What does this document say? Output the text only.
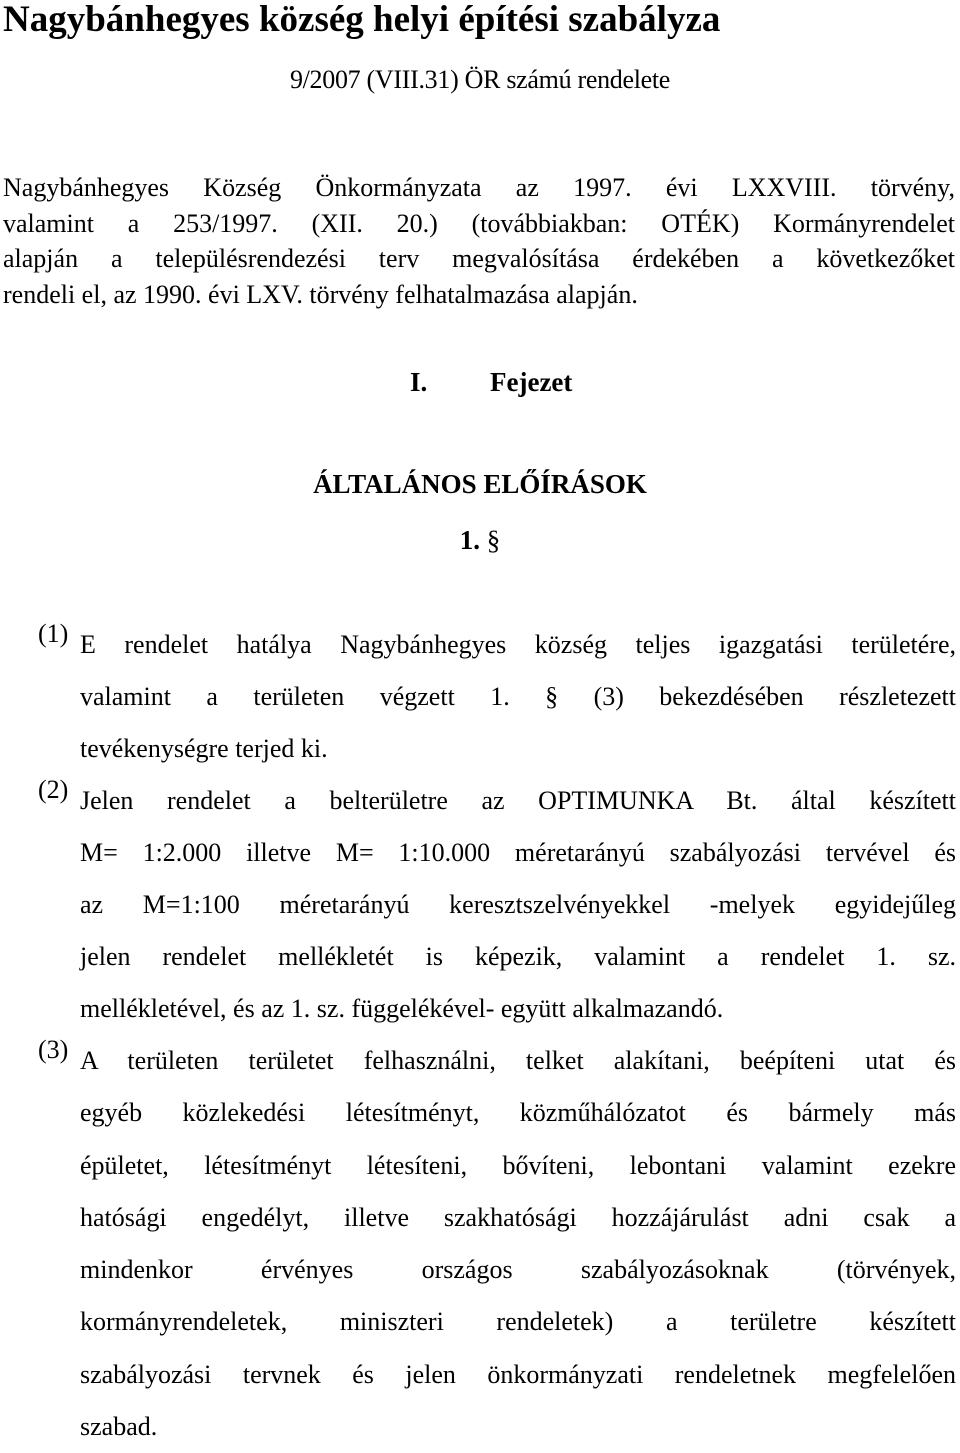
Nagybánhegyes község helyi építési szabályza
9/2007 (VIII.31) ÖR számú rendelete
Nagybánhegyes Község Önkormányzata az 1997. évi LXXVIII. törvény,
valamint a 253/1997. (XII. 20.) (továbbiakban: OTÉK) Kormányrendelet
alapján a településrendezési terv megvalósítása érdekében a következőket
rendeli el, az 1990. évi LXV. törvény felhatalmazása alapján.
I. Fejezet
ÁLTALÁNOS ELŐÍRÁSOK
1. §
(1) E rendelet hatálya Nagybánhegyes község teljes igazgatási területére,
valamint a területen végzett 1. § (3) bekezdésében részletezett
tevékenységre terjed ki.
(2) Jelen rendelet a belterületre az OPTIMUNKA Bt. által készített
M= 1:2.000 illetve M= 1:10.000 méretarányú szabályozási tervével és
az M=1:100 méretarányú keresztszelvényekkel -melyek egyidejűleg
jelen rendelet mellékletét is képezik, valamint a rendelet 1. sz.
mellékletével, és az 1. sz. függelékével- együtt alkalmazandó.
(3) A területen területet felhasználni, telket alakítani, beépíteni utat és
egyéb közlekedési létesítményt, közműhálózatot és bármely más
épületet, létesítményt létesíteni, bővíteni, lebontani valamint ezekre
hatósági engedélyt, illetve szakhatósági hozzájárulást adni csak a
mindenkor érvényes országos szabályozásoknak (törvények,
kormányrendeletek, miniszteri rendeletek) a területre készített
szabályozási tervnek és jelen önkormányzati rendeletnek megfelelően
szabad.
